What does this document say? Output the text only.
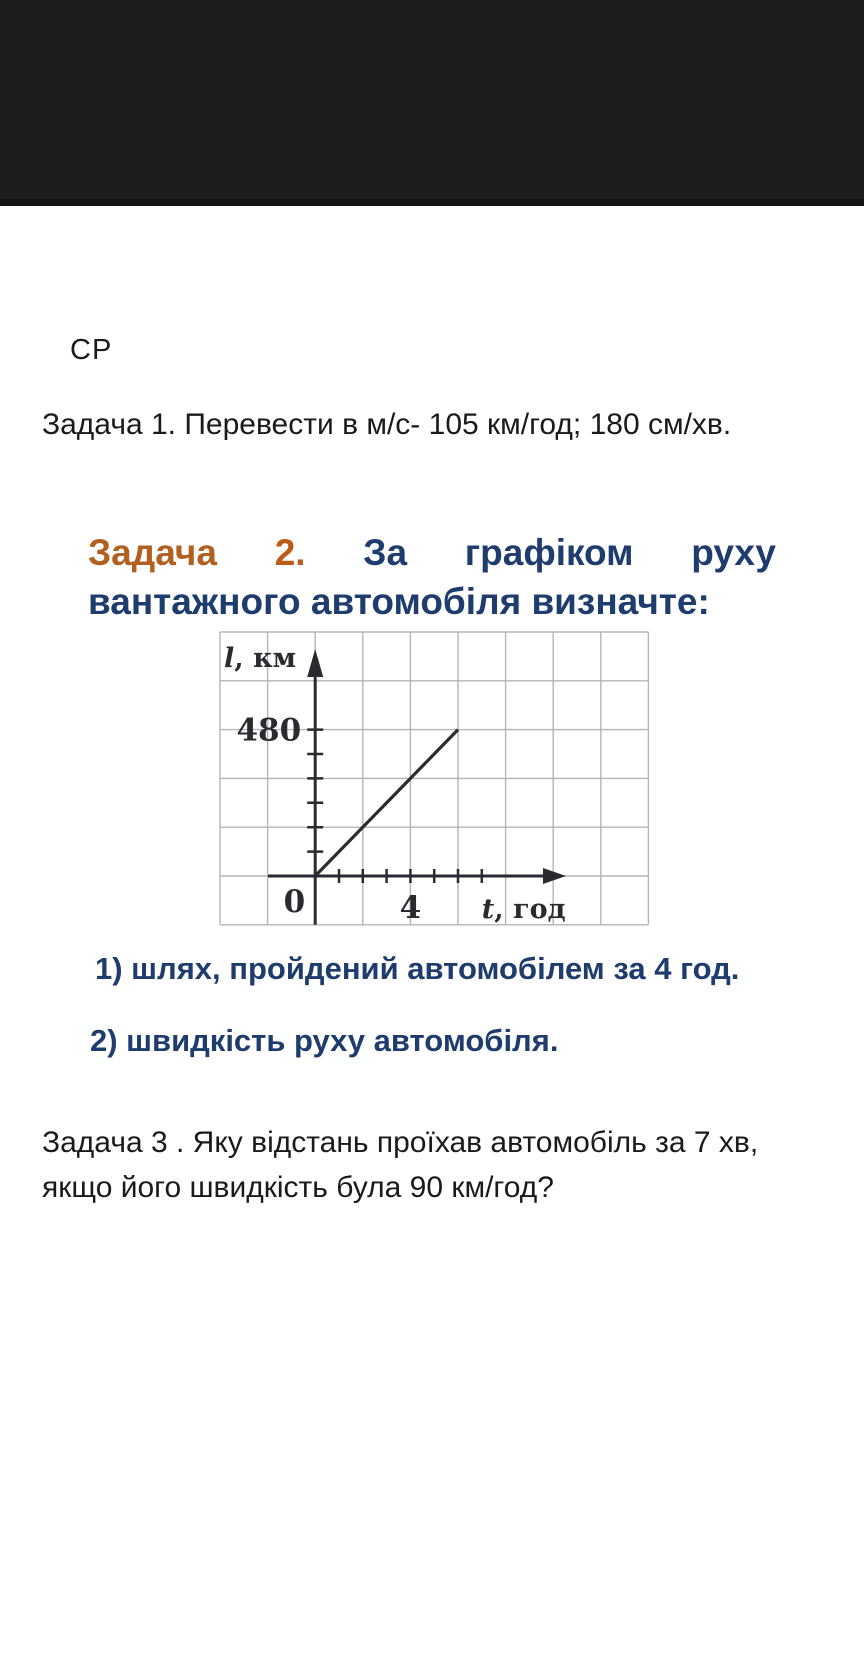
СР
Задача 1. Перевести в м/с- 105 км/год; 180 см/хв.
Задача 2. За графіком руху
вантажного автомобіля визначте:
480
0	4
l, км
t, год
1) шлях, пройдений автомобілем за 4 год.
2) швидкість руху автомобіля.
Задача 3 . Яку відстань проїхав автомобіль за 7 хв,
якщо його швидкість була 90 км/год?
